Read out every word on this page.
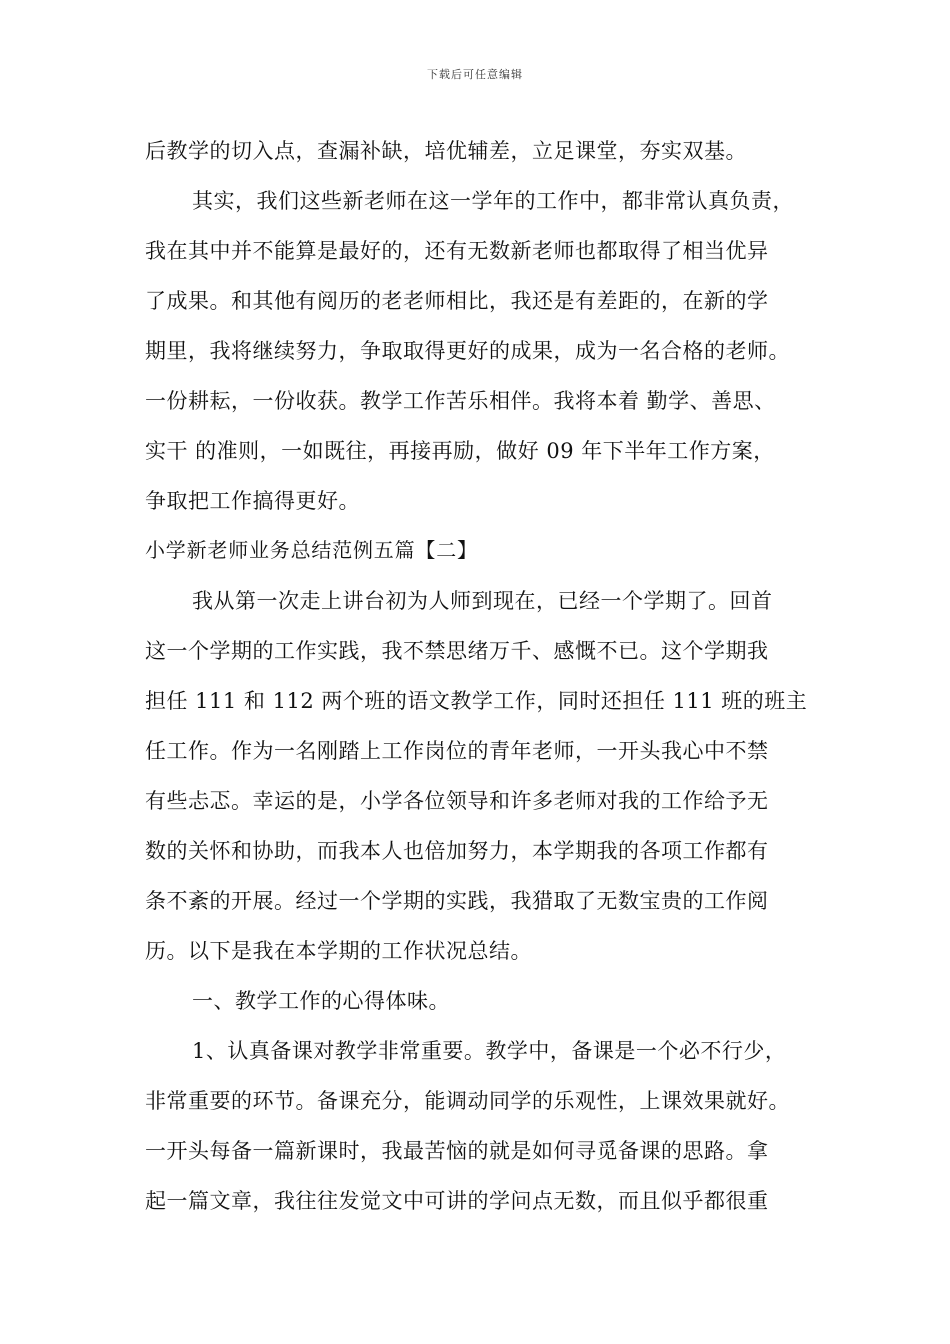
下载后可任意编辑
后教学的切入点，查漏补缺，培优辅差，立足课堂，夯实双基。
其实，我们这些新老师在这一学年的工作中，都非常认真负责，
我在其中并不能算是最好的，还有无数新老师也都取得了相当优异
了成果。和其他有阅历的老老师相比，我还是有差距的，在新的学
期里，我将继续努力，争取取得更好的成果，成为一名合格的老师。
一份耕耘，一份收获。教学工作苦乐相伴。我将本着 勤学、善思、
实干 的准则，一如既往，再接再励，做好 09 年下半年工作方案，
争取把工作搞得更好。
小学新老师业务总结范例五篇【二】
我从第一次走上讲台初为人师到现在，已经一个学期了。回首
这一个学期的工作实践，我不禁思绪万千、感慨不已。这个学期我
担任 111 和 112 两个班的语文教学工作，同时还担任 111 班的班主
任工作。作为一名刚踏上工作岗位的青年老师，一开头我心中不禁
有些忐忑。幸运的是，小学各位领导和许多老师对我的工作给予无
数的关怀和协助，而我本人也倍加努力，本学期我的各项工作都有
条不紊的开展。经过一个学期的实践，我猎取了无数宝贵的工作阅
历。以下是我在本学期的工作状况总结。
一、教学工作的心得体味。
1、认真备课对教学非常重要。教学中，备课是一个必不行少，
非常重要的环节。备课充分，能调动同学的乐观性，上课效果就好。
一开头每备一篇新课时，我最苦恼的就是如何寻觅备课的思路。拿
起一篇文章，我往往发觉文中可讲的学问点无数，而且似乎都很重
